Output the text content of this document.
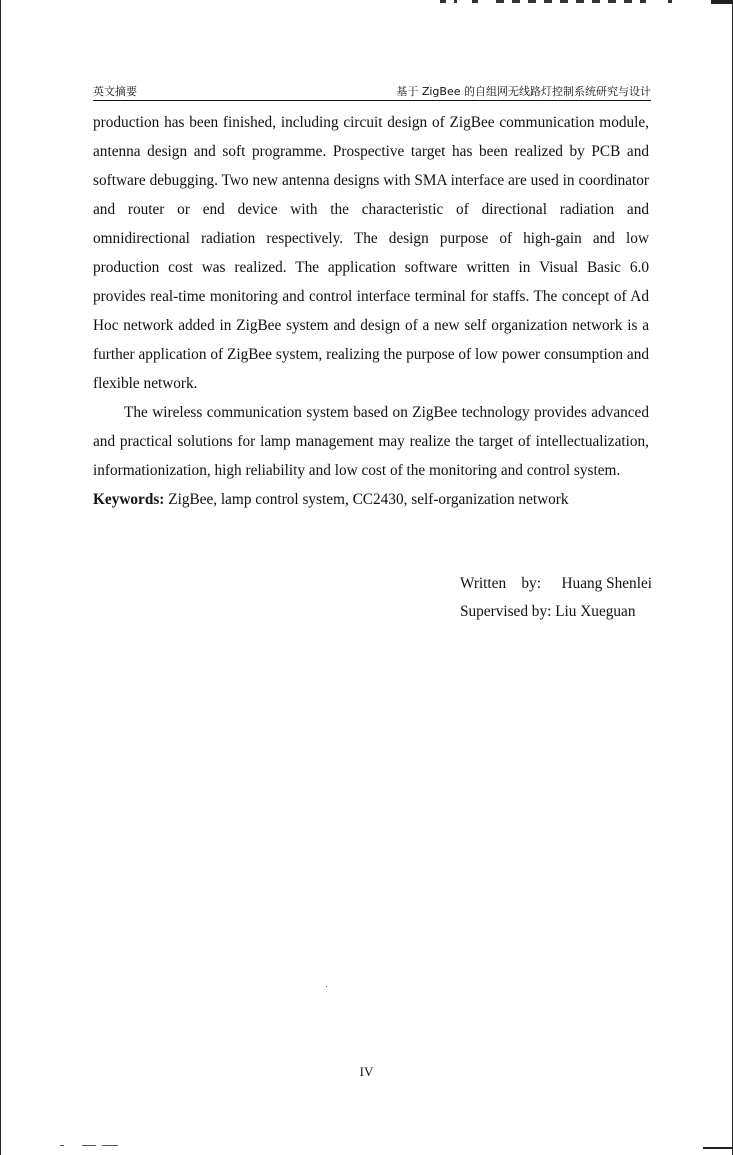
英文摘要	基于 ZigBee 的自组网无线路灯控制系统研究与设计

production has been finished, including circuit design of ZigBee communication module, antenna design and soft programme. Prospective target has been realized by PCB and software debugging. Two new antenna designs with SMA interface are used in coordinator and router or end device with the characteristic of directional radiation and omnidirectional radiation respectively. The design purpose of high-gain and low production cost was realized. The application software written in Visual Basic 6.0 provides real-time monitoring and control interface terminal for staffs. The concept of Ad Hoc network added in ZigBee system and design of a new self organization network is a further application of ZigBee system, realizing the purpose of low power consumption and flexible network.

The wireless communication system based on ZigBee technology provides advanced and practical solutions for lamp management may realize the target of intellectualization, informationization, high reliability and low cost of the monitoring and control system.

Keywords: ZigBee, lamp control system, CC2430, self-organization network
Written    by: Huang Shenlei
Supervised by: Liu Xueguan
IV
